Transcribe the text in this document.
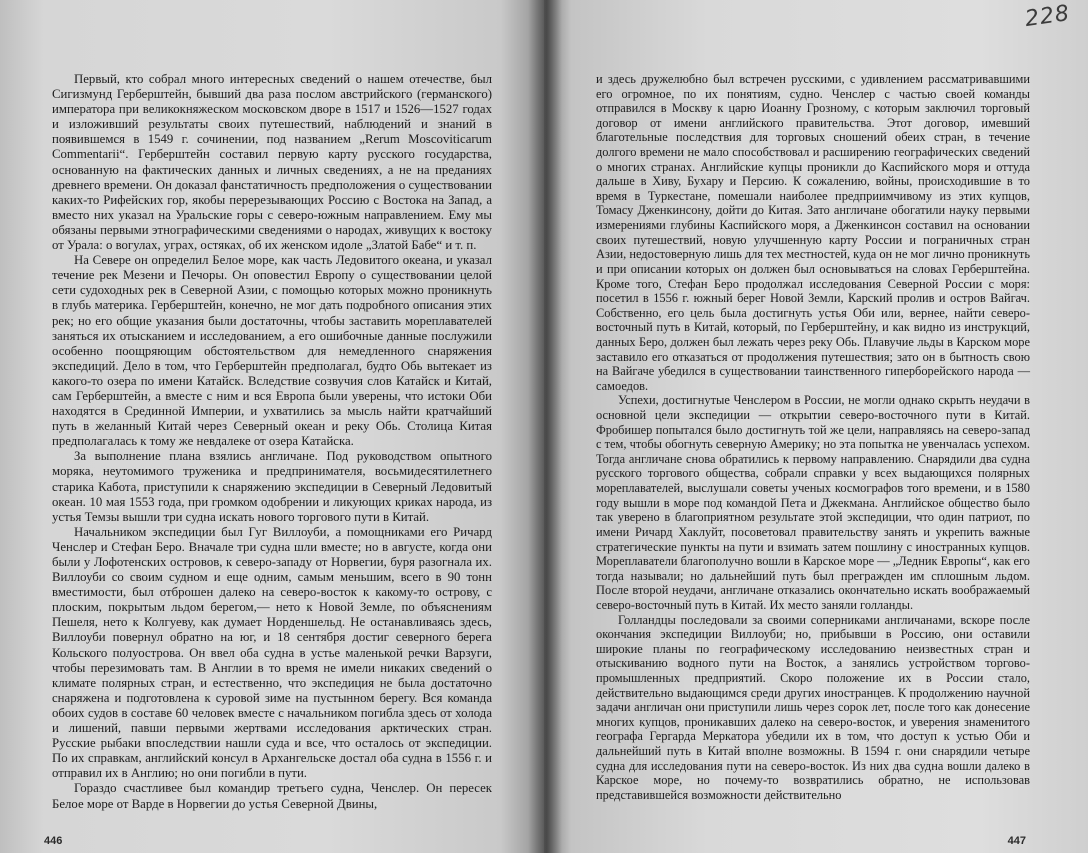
Первый, кто собрал много интересных сведений о нашем отечестве, был Сигизмунд Герберштейн, бывший два раза послом австрийского (германского) императора при великокняжеском московском дворе в 1517 и 1526—1527 годах и изложивший результаты своих путешествий, наблюдений и знаний в появившемся в 1549 г. сочинении, под названием „Rerum Moscoviticarum Commentarii“. Герберштейн составил первую карту русского государства, основанную на фактических данных и личных сведениях, а не на преданиях древнего времени. Он доказал фанстатичность предположения о существовании каких-то Рифейских гор, якобы перерезывающих Россию с Востока на Запад, а вместо них указал на Уральские горы с северо-южным направлением. Ему мы обязаны первыми этнографическими сведениями о народах, живущих к востоку от Урала: о вогулах, уграх, остяках, об их женском идоле „Златой Бабе“ и т. п.

На Севере он определил Белое море, как часть Ледовитого океана, и указал течение рек Мезени и Печоры. Он оповестил Европу о существовании целой сети судоходных рек в Северной Азии, с помощью которых можно проникнуть в глубь материка. Герберштейн, конечно, не мог дать подробного описания этих рек; но его общие указания были достаточны, чтобы заставить мореплавателей заняться их отысканием и исследованием, а его ошибочные данные послужили особенно поощряющим обстоятельством для немедленного снаряжения экспедиций. Дело в том, что Герберштейн предполагал, будто Обь вытекает из какого-то озера по имени Катайск. Вследствие созвучия слов Катайск и Китай, сам Герберштейн, а вместе с ним и вся Европа были уверены, что истоки Оби находятся в Срединной Империи, и ухватились за мысль найти кратчайший путь в желанный Китай через Северный океан и реку Обь. Столица Китая предполагалась к тому же невдалеке от озера Катайска.

За выполнение плана взялись англичане. Под руководством опытного моряка, неутомимого труженика и предпринимателя, восьмидесятилетнего старика Кабота, приступили к снаряжению экспедиции в Северный Ледовитый океан. 10 мая 1553 года, при громком одобрении и ликующих криках народа, из устья Темзы вышли три судна искать нового торгового пути в Китай.

Начальником экспедиции был Гуг Виллоуби, а помощниками его Ричард Ченслер и Стефан Беро. Вначале три судна шли вместе; но в августе, когда они были у Лофотенских островов, к северо-западу от Норвегии, буря разогнала их. Виллоуби со своим судном и еще одним, самым меньшим, всего в 90 тонн вместимости, был отброшен далеко на северо-восток к какому-то острову, с плоским, покрытым льдом берегом,— нето к Новой Земле, по объяснениям Пешеля, нето к Колгуеву, как думает Норденшельд. Не останавливаясь здесь, Виллоуби повернул обратно на юг, и 18 сентября достиг северного берега Кольского полуострова. Он ввел оба судна в устье маленькой речки Варзуги, чтобы перезимовать там. В Англии в то время не имели никаких сведений о климате полярных стран, и естественно, что экспедиция не была достаточно снаряжена и подготовлена к суровой зиме на пустынном берегу. Вся команда обоих судов в составе 60 человек вместе с начальником погибла здесь от холода и лишений, павши первыми жертвами исследования арктических стран. Русские рыбаки впоследствии нашли суда и все, что осталось от экспедиции. По их справкам, английский консул в Архангельске достал оба судна в 1556 г. и отправил их в Англию; но они погибли в пути.

Гораздо счастливее был командир третьего судна, Ченслер. Он пересек Белое море от Варде в Норвегии до устья Северной Двины,

446
228

и здесь дружелюбно был встречен русскими, с удивлением рассматривавшими его огромное, по их понятиям, судно. Ченслер с частью своей команды отправился в Москву к царю Иоанну Грозному, с которым заключил торговый договор от имени английского правительства. Этот договор, имевший благотельные последствия для торговых сношений обеих стран, в течение долгого времени не мало способствовал и расширению географических сведений о многих странах. Английские купцы проникли до Каспийского моря и оттуда дальше в Хиву, Бухару и Персию. К сожалению, войны, происходившие в то время в Туркестане, помешали наиболее предприимчивому из этих купцов, Томасу Дженкинсону, дойти до Китая. Зато англичане обогатили науку первыми измерениями глубины Каспийского моря, а Дженкинсон составил на основании своих путешествий, новую улучшенную карту России и пограничных стран Азии, недостоверную лишь для тех местностей, куда он не мог лично проникнуть и при описании которых он должен был основываться на словах Герберштейна. Кроме того, Стефан Беро продолжал исследования Северной России с моря: посетил в 1556 г. южный берег Новой Земли, Карский пролив и остров Вайгач. Собственно, его цель была достигнуть устья Оби или, вернее, найти северо-восточный путь в Китай, который, по Герберштейну, и как видно из инструкций, данных Беро, должен был лежать через реку Обь. Плавучие льды в Карском море заставило его отказаться от продолжения путешествия; зато он в бытность свою на Вайгаче убедился в существовании таинственного гиперборейского народа — самоедов.

Успехи, достигнутые Ченслером в России, не могли однако скрыть неудачи в основной цели экспедиции — открытии северо-восточного пути в Китай. Фробишер попытался было достигнуть той же цели, направляясь на северо-запад с тем, чтобы обогнуть северную Америку; но эта попытка не увенчалась успехом. Тогда англичане снова обратились к первому направлению. Снарядили два судна русского торгового общества, собрали справки у всех выдающихся полярных мореплавателей, выслушали советы ученых космографов того времени, и в 1580 году вышли в море под командой Пета и Джекмана. Английское общество было так уверено в благоприятном результате этой экспедиции, что один патриот, по имени Ричард Хаклуйт, посоветовал правительству занять и укрепить важные стратегические пункты на пути и взимать затем пошлину с иностранных купцов. Мореплаватели благополучно вошли в Карское море — „Ледник Европы“, как его тогда называли; но дальнейший путь был прегражден им сплошным льдом. После второй неудачи, англичане отказались окончательно искать воображаемый северо-восточный путь в Китай. Их место заняли голланды.

Голландцы последовали за своими соперниками англичанами, вскоре после окончания экспедиции Виллоуби; но, прибывши в Россию, они оставили широкие планы по географическому исследованию неизвестных стран и отыскиванию водного пути на Восток, а занялись устройством торгово-промышленных предприятий. Скоро положение их в России стало, действительно выдающимся среди других иностранцев. К продолжению научной задачи англичан они приступили лишь через сорок лет, после того как донесение многих купцов, проникавших далеко на северо-восток, и уверения знаменитого географа Гергарда Меркатора убедили их в том, что доступ к устью Оби и дальнейший путь в Китай вполне возможны. В 1594 г. они снарядили четыре судна для исследования пути на северо-восток. Из них два судна вошли далеко в Карское море, но почему-то возвратились обратно, не использовав представившейся возможности действительно

447
